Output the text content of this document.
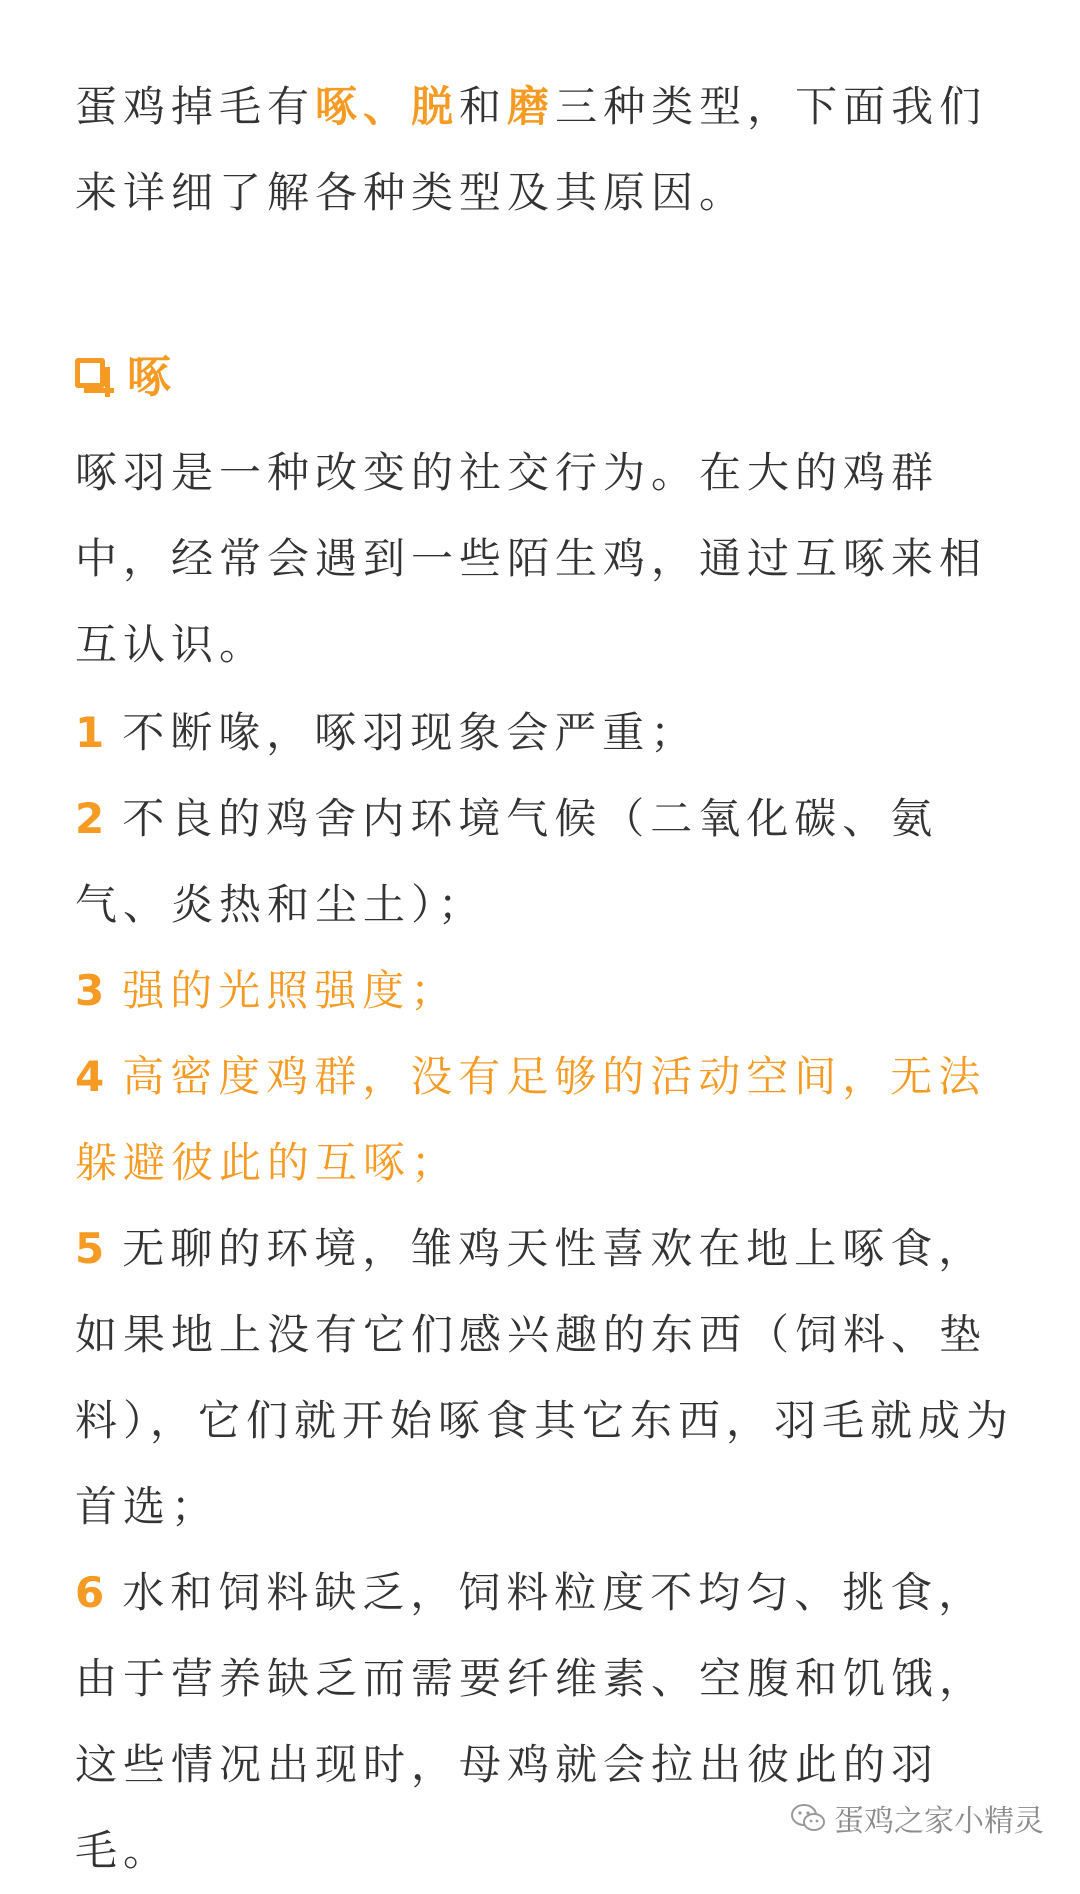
蛋鸡掉毛有啄、脱和磨三种类型，下面我们来详细了解各种类型及其原因。

啄

啄羽是一种改变的社交行为。在大的鸡群中，经常会遇到一些陌生鸡，通过互啄来相互认识。

1 不断喙，啄羽现象会严重；

2 不良的鸡舍内环境气候（二氧化碳、氨气、炎热和尘土）；

3 强的光照强度；

4 高密度鸡群，没有足够的活动空间，无法躲避彼此的互啄；

5 无聊的环境，雏鸡天性喜欢在地上啄食，如果地上没有它们感兴趣的东西（饲料、垫料），它们就开始啄食其它东西，羽毛就成为首选；

6 水和饲料缺乏，饲料粒度不均匀、挑食，由于营养缺乏而需要纤维素、空腹和饥饿，这些情况出现时，母鸡就会拉出彼此的羽毛。

蛋鸡之家小精灵
